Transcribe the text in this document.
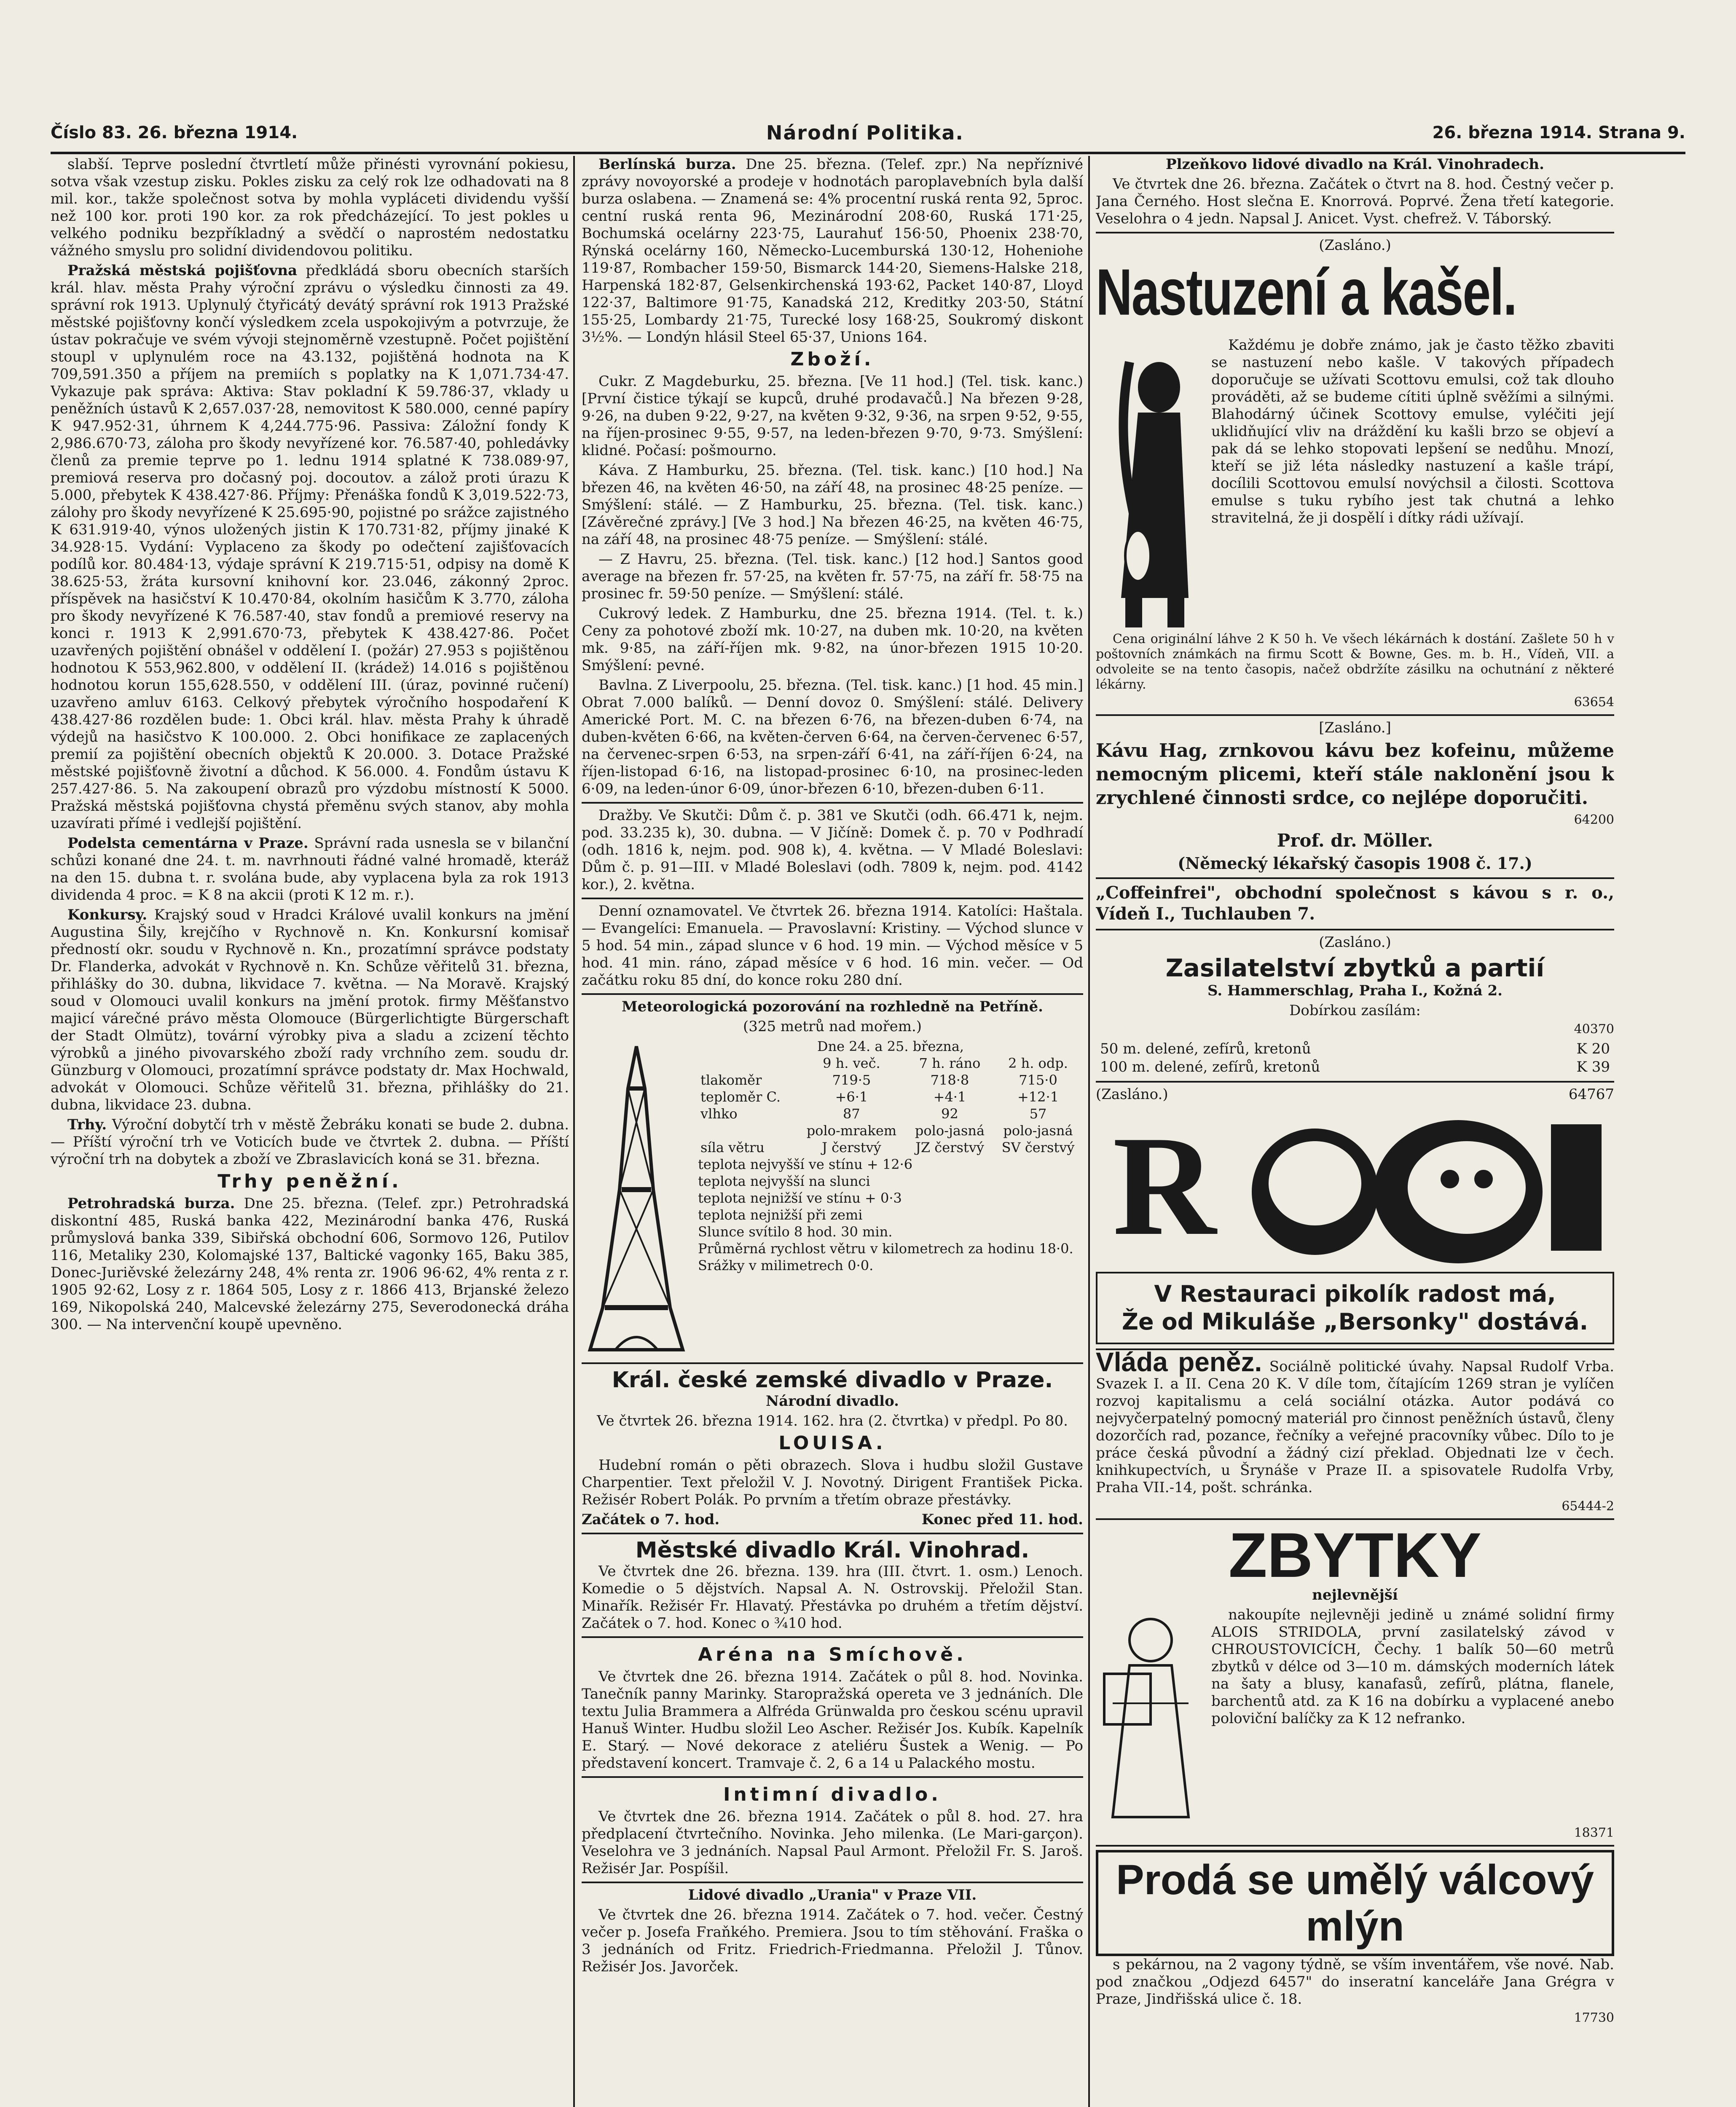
Číslo 83. 26. března 1914.	Národní Politika.	26. března 1914. Strana 9.

slabší. Teprve poslední čtvrtletí může přinésti vyrovnání pokiesu, sotva však vzestup zisku. Pokles zisku za celý rok lze odhadovati na 8 mil. kor., takže společnost sotva by mohla vypláceti dividendu vyšší než 100 kor. proti 190 kor. za rok předcházející. To jest pokles u velkého podniku bezpříkladný a svědčí o naprostém nedostatku vážného smyslu pro solidní dividendovou politiku.

Pražská městská pojišťovna předkládá sboru obecních starších král. hlav. města Prahy výroční zprávu o výsledku činnosti za 49. správní rok 1913. Uplynulý čtyřicátý devátý správní rok 1913 Pražské městské pojišťovny končí výsledkem zcela uspokojivým a potvrzuje, že ústav pokračuje ve svém vývoji stejnoměrně vzestupně. Počet pojištění stoupl v uplynulém roce na 43.132, pojištěná hodnota na K 709,591.350 a příjem na premiích s poplatky na K 1,071.734·47. Vykazuje pak správa: Aktiva: Stav pokladní K 59.786·37, vklady u peněžních ústavů K 2,657.037·28, nemovitost K 580.000, cenné papíry K 947.952·31, úhrnem K 4,244.775·96. Passiva: Záložní fondy K 2,986.670·73, záloha pro škody nevyřízené kor. 76.587·40, pohledávky členů za premie teprve po 1. lednu 1914 splatné K 738.089·97, premiová reserva pro dočasný poj. docoutov. a zálož proti úrazu K 5.000, přebytek K 438.427·86. Příjmy: Přenáška fondů K 3,019.522·73, zálohy pro škody nevyřízené K 25.695·90, pojistné po srážce zajistného K 631.919·40, výnos uložených jistin K 170.731·82, příjmy jinaké K 34.928·15. Vydání: Vyplaceno za škody po odečtení zajišťovacích podílů kor. 80.484·13, výdaje správní K 219.715·51, odpisy na domě K 38.625·53, žráta kursovní knihovní kor. 23.046, zákonný 2proc. příspěvek na hasičství K 10.470·84, okolním hasičům K 3.770, záloha pro škody nevyřízené K 76.587·40, stav fondů a premiové reservy na konci r. 1913 K 2,991.670·73, přebytek K 438.427·86. Počet uzavřených pojištění obnášel v oddělení I. (požár) 27.953 s pojištěnou hodnotou K 553,962.800, v oddělení II. (krádež) 14.016 s pojištěnou hodnotou korun 155,628.550, v oddělení III. (úraz, povinné ručení) uzavřeno amluv 6163. Celkový přebytek výročního hospodaření K 438.427·86 rozdělen bude: 1. Obci král. hlav. města Prahy k úhradě výdejů na hasičstvo K 100.000. 2. Obci honifikace ze zaplacených premií za pojištění obecních objektů K 20.000. 3. Dotace Pražské městské pojišťovně životní a důchod. K 56.000. 4. Fondům ústavu K 257.427·86. 5. Na zakoupení obrazů pro výzdobu místností K 5000. Pražská městská pojišťovna chystá přeměnu svých stanov, aby mohla uzavírati přímé i vedlejší pojištění.

Podelsta cementárna v Praze. Správní rada usnesla se v bilanční schůzi konané dne 24. t. m. navrhnouti řádné valné hromadě, kteráž na den 15. dubna t. r. svolána bude, aby vyplacena byla za rok 1913 dividenda 4 proc. = K 8 na akcii (proti K 12 m. r.).

Konkursy. Krajský soud v Hradci Králové uvalil konkurs na jmění Augustina Šily, krejčího v Rychnově n. Kn. Konkursní komisař předností okr. soudu v Rychnově n. Kn., prozatímní správce podstaty Dr. Flanderka, advokát v Rychnově n. Kn. Schůze věřitelů 31. března, přihlášky do 30. dubna, likvidace 7. května. — Na Moravě. Krajský soud v Olomouci uvalil konkurs na jmění protok. firmy Měšťanstvo majicí várečné právo města Olomouce (Bürgerlichtigte Bürgerschaft der Stadt Olmütz), tovární výrobky piva a sladu a zcizení těchto výrobků a jiného pivovarského zboží rady vrchního zem. soudu dr. Günzburg v Olomouci, prozatímní správce podstaty dr. Max Hochwald, advokát v Olomouci. Schůze věřitelů 31. března, přihlášky do 21. dubna, likvidace 23. dubna.

Trhy. Výroční dobytčí trh v městě Žebráku konati se bude 2. dubna. — Příští výroční trh ve Voticích bude ve čtvrtek 2. dubna. — Příští výroční trh na dobytek a zboží ve Zbraslavicích koná se 31. března.

Trhy peněžní.

Petrohradská burza. Dne 25. března. (Telef. zpr.) Petrohradská diskontní 485, Ruská banka 422, Mezinárodní banka 476, Ruská průmyslová banka 339, Sibiřská obchodní 606, Sormovo 126, Putilov 116, Metaliky 230, Kolomajské 137, Baltické vagonky 165, Baku 385, Donec-Juriěvské železárny 248, 4% renta zr. 1906 96·62, 4% renta z r. 1905 92·62, Losy z r. 1864 505, Losy z r. 1866 413, Brjanské železo 169, Nikopolská 240, Malcevské železárny 275, Severodonecká dráha 300. — Na intervenční koupě upevněno.

Berlínská burza. Dne 25. března. (Telef. zpr.) Na nepříznivé zprávy novoyorské a prodeje v hodnotách paroplavebních byla další burza oslabena. — Znamená se: 4% procentní ruská renta 92, 5proc. centní ruská renta 96, Mezinárodní 208·60, Ruská 171·25, Bochumská ocelárny 223·75, Laurahuť 156·50, Phoenix 238·70, Rýnská ocelárny 160, Německo-Lucemburská 130·12, Hoheniohe 119·87, Rombacher 159·50, Bismarck 144·20, Siemens-Halske 218, Harpenská 182·87, Gelsenkirchenská 193·62, Packet 140·87, Lloyd 122·37, Baltimore 91·75, Kanadská 212, Kreditky 203·50, Státní 155·25, Lombardy 21·75, Turecké losy 168·25, Soukromý diskont 3½%. — Londýn hlásil Steel 65·37, Unions 164.

Zboží.

Cukr. Z Magdeburku, 25. března. [Ve 11 hod.] (Tel. tisk. kanc.) [První čistice týkají se kupců, druhé prodavačů.] Na březen 9·28, 9·26, na duben 9·22, 9·27, na květen 9·32, 9·36, na srpen 9·52, 9·55, na říjen-prosinec 9·55, 9·57, na leden-březen 9·70, 9·73. Smýšlení: klidné. Počasí: pošmourno.

Káva. Z Hamburku, 25. března. (Tel. tisk. kanc.) [10 hod.] Na březen 46, na květen 46·50, na září 48, na prosinec 48·25 peníze. — Smýšlení: stálé. — Z Hamburku, 25. března. (Tel. tisk. kanc.) [Závěrečné zprávy.] [Ve 3 hod.] Na březen 46·25, na květen 46·75, na září 48, na prosinec 48·75 peníze. — Smýšlení: stálé.

— Z Havru, 25. března. (Tel. tisk. kanc.) [12 hod.] Santos good average na březen fr. 57·25, na květen fr. 57·75, na září fr. 58·75 na prosinec fr. 59·50 peníze. — Smýšlení: stálé.

Cukrový ledek. Z Hamburku, dne 25. března 1914. (Tel. t. k.) Ceny za pohotové zboží mk. 10·27, na duben mk. 10·20, na květen mk. 9·85, na září-říjen mk. 9·82, na únor-březen 1915 10·20. Smýšlení: pevné.

Bavlna. Z Liverpoolu, 25. března. (Tel. tisk. kanc.) [1 hod. 45 min.] Obrat 7.000 balíků. — Denní dovoz 0. Smýšlení: stálé. Delivery Americké Port. M. C. na březen 6·76, na březen-duben 6·74, na duben-květen 6·66, na květen-červen 6·64, na červen-červenec 6·57, na červenec-srpen 6·53, na srpen-září 6·41, na září-říjen 6·24, na říjen-listopad 6·16, na listopad-prosinec 6·10, na prosinec-leden 6·09, na leden-únor 6·09, únor-březen 6·10, březen-duben 6·11.

Dražby. Ve Skutči: Dům č. p. 381 ve Skutči (odh. 66.471 k, nejm. pod. 33.235 k), 30. dubna. — V Jičíně: Domek č. p. 70 v Podhradí (odh. 1816 k, nejm. pod. 908 k), 4. května. — V Mladé Boleslavi: Dům č. p. 91—III. v Mladé Boleslavi (odh. 7809 k, nejm. pod. 4142 kor.), 2. května.

Denní oznamovatel. Ve čtvrtek 26. března 1914. Katolíci: Haštala. — Evangelíci: Emanuela. — Pravoslavní: Kristiny. — Východ slunce v 5 hod. 54 min., západ slunce v 6 hod. 19 min. — Východ měsíce v 5 hod. 41 min. ráno, západ měsíce v 6 hod. 16 min. večer. — Od začátku roku 85 dní, do konce roku 280 dní.

Meteorologická pozorování na rozhledně na Petříně.

(325 metrů nad mořem.)

Dne 24. a 25. března,
	9 h. več.	7 h. ráno	2 h. odp.
tlakoměr	719·5	718·8	715·0
teploměr C.	+6·1	+4·1	+12·1
vlhko	87	92	57
	polo-mrakem	polo-jasná	polo-jasná
síla větru	J čerstvý	JZ čerstvý	SV čerstvý
teplota nejvyšší ve stínu + 12·6
teplota nejvyšší na slunci
teplota nejnižší ve stínu + 0·3
teplota nejnižší při zemi
Slunce svítilo 8 hod. 30 min.
Průměrná rychlost větru v kilometrech za hodinu 18·0.
Srážky v milimetrech 0·0.
Král. české zemské divadlo v Praze.

Národní divadlo.

Ve čtvrtek 26. března 1914. 162. hra (2. čtvrtka) v předpl. Po 80.

LOUISA.

Hudební román o pěti obrazech. Slova i hudbu složil Gustave Charpentier. Text přeložil V. J. Novotný. Dirigent František Picka. Režisér Robert Polák. Po prvním a třetím obraze přestávky.

Začátek o 7. hod.	Konec před 11. hod.

Městské divadlo Král. Vinohrad.

Ve čtvrtek dne 26. března. 139. hra (III. čtvrt. 1. osm.) Lenoch. Komedie o 5 dějstvích. Napsal A. N. Ostrovskij. Přeložil Stan. Minařík. Režisér Fr. Hlavatý. Přestávka po druhém a třetím dějství. Začátek o 7. hod. Konec o ¾10 hod.

Aréna na Smíchově.

Ve čtvrtek dne 26. března 1914. Začátek o půl 8. hod. Novinka. Tanečník panny Marinky. Staropražská opereta ve 3 jednáních. Dle textu Julia Brammera a Alfréda Grünwalda pro českou scénu upravil Hanuš Winter. Hudbu složil Leo Ascher. Režisér Jos. Kubík. Kapelník E. Starý. — Nové dekorace z ateliéru Šustek a Wenig. — Po představení koncert. Tramvaje č. 2, 6 a 14 u Palackého mostu.

Intimní divadlo.

Ve čtvrtek dne 26. března 1914. Začátek o půl 8. hod. 27. hra předplacení čtvrtečního. Novinka. Jeho milenka. (Le Mari-garçon). Veselohra ve 3 jednáních. Napsal Paul Armont. Přeložil Fr. S. Jaroš. Režisér Jar. Pospíšil.

Lidové divadlo „Urania" v Praze VII.

Ve čtvrtek dne 26. března 1914. Začátek o 7. hod. večer. Čestný večer p. Josefa Fraňkého. Premiera. Jsou to tím stěhování. Fraška o 3 jednáních od Fritz. Friedrich-Friedmanna. Přeložil J. Tůnov. Režisér Jos. Javorček.

Plzeňkovo lidové divadlo na Král. Vinohradech.

Ve čtvrtek dne 26. března. Začátek o čtvrt na 8. hod. Čestný večer p. Jana Černého. Host slečna E. Knorrová. Poprvé. Žena třetí kategorie. Veselohra o 4 jedn. Napsal J. Anicet. Vyst. chefrež. V. Táborský.

(Zasláno.)

Nastuzení a kašel.

Každému je dobře známo, jak je často těžko zbaviti se nastuzení nebo kašle. V takových případech doporučuje se užívati Scottovu emulsi, což tak dlouho prováděti, až se budeme cítiti úplně svěžími a silnými. Blahodárný účinek Scottovy emulse, vyléčiti její uklidňující vliv na dráždění ku kašli brzo se objeví a pak dá se lehko stopovati lepšení se nedůhu. Mnozí, kteří se již léta následky nastuzení a kašle trápí, docílili Scottovou emulsí novýchsil a čilosti. Scottova emulse s tuku rybího jest tak chutná a lehko stravitelná, že ji dospělí i dítky rádi užívají.

Cena originální láhve 2 K 50 h. Ve všech lékárnách k dostání. Zašlete 50 h v poštovních známkách na firmu Scott & Bowne, Ges. m. b. H., Vídeň, VII. a odvoleite se na tento časopis, načež obdržíte zásilku na ochutnání z některé lékárny.

63654

[Zasláno.]

Kávu Hag, zrnkovou kávu bez kofeinu, můžeme nemocným plicemi, kteří stále naklonění jsou k zrychlené činnosti srdce, co nejlépe doporučiti.

64200

Prof. dr. Möller.

(Německý lékařský časopis 1908 č. 17.)

„Coffeinfrei", obchodní společnost s kávou s r. o., Vídeň I., Tuchlauben 7.

(Zasláno.)

Zasilatelství zbytků a partií

S. Hammerschlag, Praha I., Kožná 2.

Dobírkou zasílám:

40370

50 m. delené, zefírů, kretonů	K 20
100 m. delené, zefírů, kretonů	K 39

(Zasláno.)	64767

R
V Restauraci pikolík radost má,
Že od Mikuláše „Bersonky" dostává.

Vláda peněz. Sociálně politické úvahy. Napsal Rudolf Vrba. Svazek I. a II. Cena 20 K. V díle tom, čítajícím 1269 stran je vylíčen rozvoj kapitalismu a celá sociální otázka. Autor podává co nejvyčerpatelný pomocný materiál pro činnost peněžních ústavů, členy dozorčích rad, pozance, řečníky a veřejné pracovníky vůbec. Dílo to je práce česká původní a žádný cizí překlad. Objednati lze v čech. knihkupectvích, u Šrynáše v Praze II. a spisovatele Rudolfa Vrby, Praha VII.-14, pošt. schránka.

65444-2

ZBYTKY

nejlevnější

nakoupíte nejlevněji jedině u známé solidní firmy ALOIS STRIDOLA, první zasilatelský závod v CHROUSTOVICÍCH, Čechy. 1 balík 50—60 metrů zbytků v délce od 3—10 m. dámských moderních látek na šaty a blusy, kanafasů, zefírů, plátna, flanele, barchentů atd. za K 16 na dobírku a vyplacené anebo poloviční balíčky za K 12 nefranko.

18371

Prodá se umělý válcový mlýn

s pekárnou, na 2 vagony týdně, se vším inventářem, vše nové. Nab. pod značkou „Odjezd 6457" do inseratní kanceláře Jana Grégra v Praze, Jindřišská ulice č. 18.

17730
